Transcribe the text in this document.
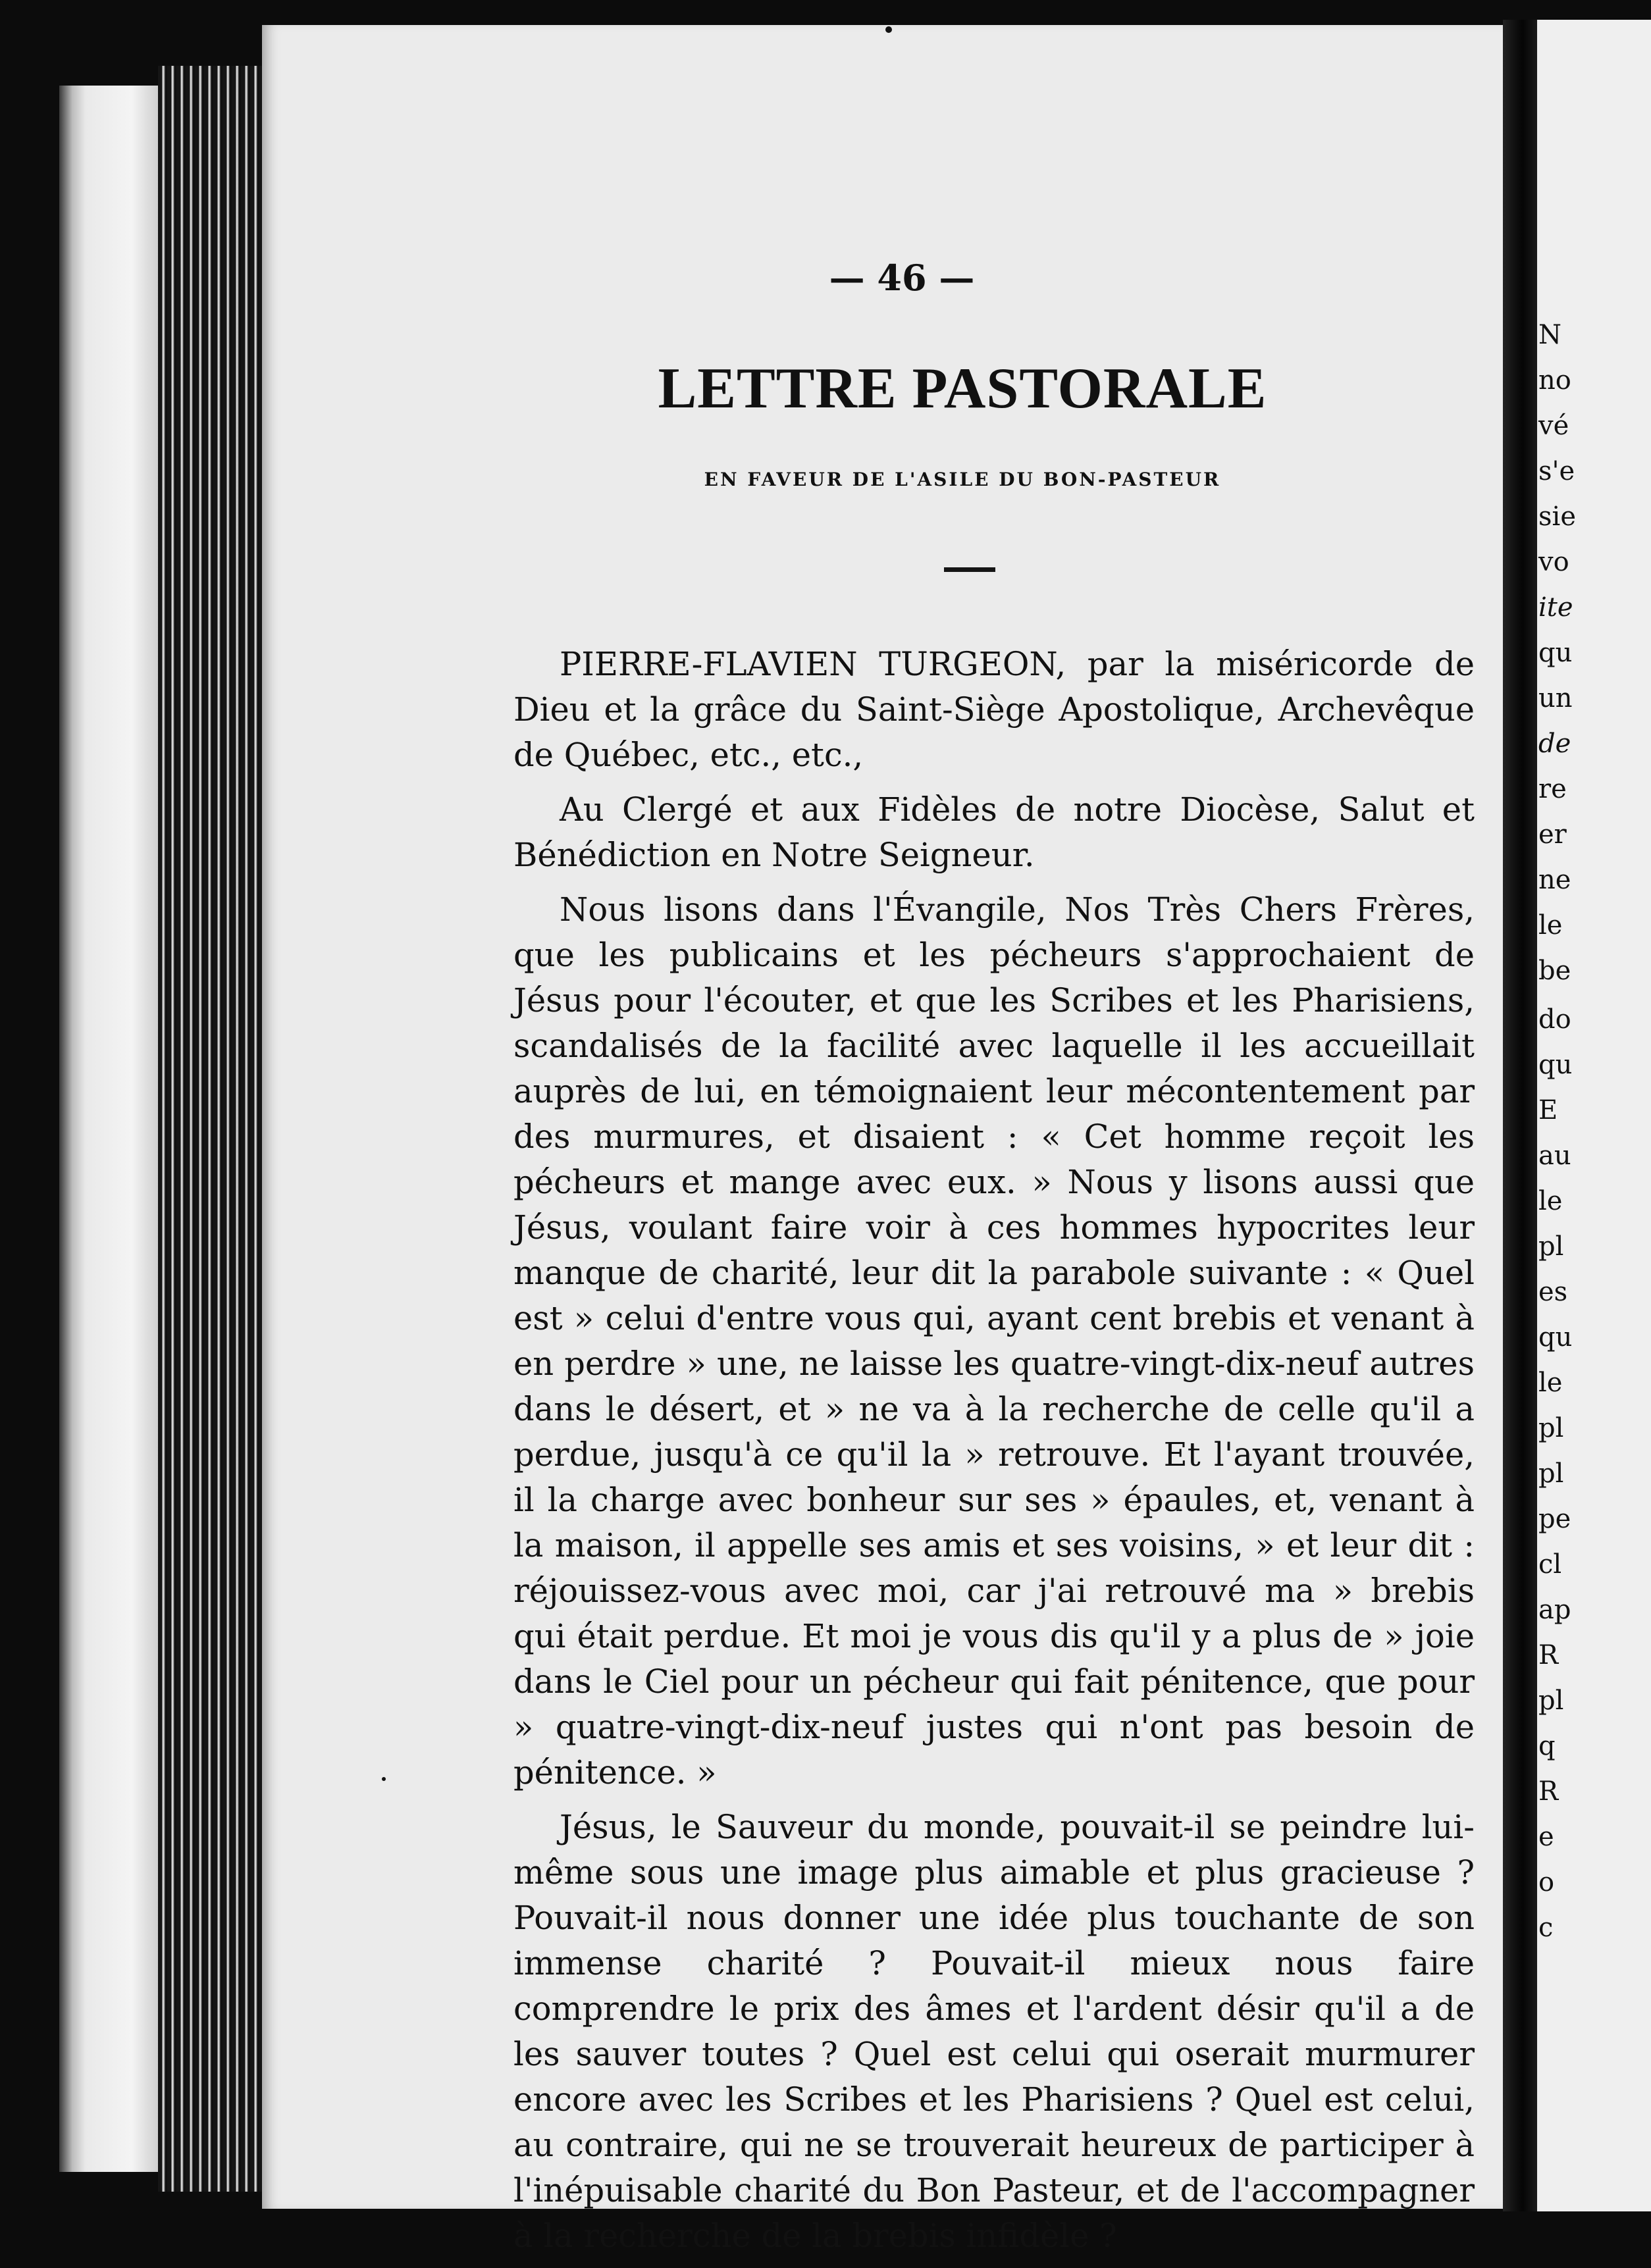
N
no
vé
s'e
sie
vo
ite
qu
un
de
re
er
ne
le
be
do
qu
E
au
le
pl
es
qu
le
pl
pl
pe
cl
ap
R
pl
q
R
e
o
c
— 46 —
LETTRE PASTORALE
EN FAVEUR DE L'ASILE DU BON-PASTEUR

PIERRE-FLAVIEN TURGEON, par la miséricorde de Dieu et la grâce du Saint-Siège Apostolique, Archevêque de Québec, etc., etc.,

Au Clergé et aux Fidèles de notre Diocèse, Salut et Bénédiction en Notre Seigneur.

Nous lisons dans l'Évangile, Nos Très Chers Frères, que les publicains et les pécheurs s'approchaient de Jésus pour l'écouter, et que les Scribes et les Pharisiens, scandalisés de la facilité avec laquelle il les accueillait auprès de lui, en témoignaient leur mécontentement par des murmures, et disaient : « Cet homme reçoit les pécheurs et mange avec eux. » Nous y lisons aussi que Jésus, voulant faire voir à ces hommes hypocrites leur manque de charité, leur dit la parabole suivante : « Quel est » celui d'entre vous qui, ayant cent brebis et venant à en perdre » une, ne laisse les quatre-vingt-dix-neuf autres dans le désert, et » ne va à la recherche de celle qu'il a perdue, jusqu'à ce qu'il la » retrouve. Et l'ayant trouvée, il la charge avec bonheur sur ses » épaules, et, venant à la maison, il appelle ses amis et ses voisins, » et leur dit : réjouissez-vous avec moi, car j'ai retrouvé ma » brebis qui était perdue. Et moi je vous dis qu'il y a plus de » joie dans le Ciel pour un pécheur qui fait pénitence, que pour » quatre-vingt-dix-neuf justes qui n'ont pas besoin de pénitence. »

Jésus, le Sauveur du monde, pouvait-il se peindre lui-même sous une image plus aimable et plus gracieuse ? Pouvait-il nous donner une idée plus touchante de son immense charité ? Pouvait-il mieux nous faire comprendre le prix des âmes et l'ardent désir qu'il a de les sauver toutes ? Quel est celui qui oserait murmurer encore avec les Scribes et les Pharisiens ? Quel est celui, au contraire, qui ne se trouverait heureux de participer à l'inépuisable charité du Bon Pasteur, et de l'accompagner à la recherche de la brebis infidèle ?
